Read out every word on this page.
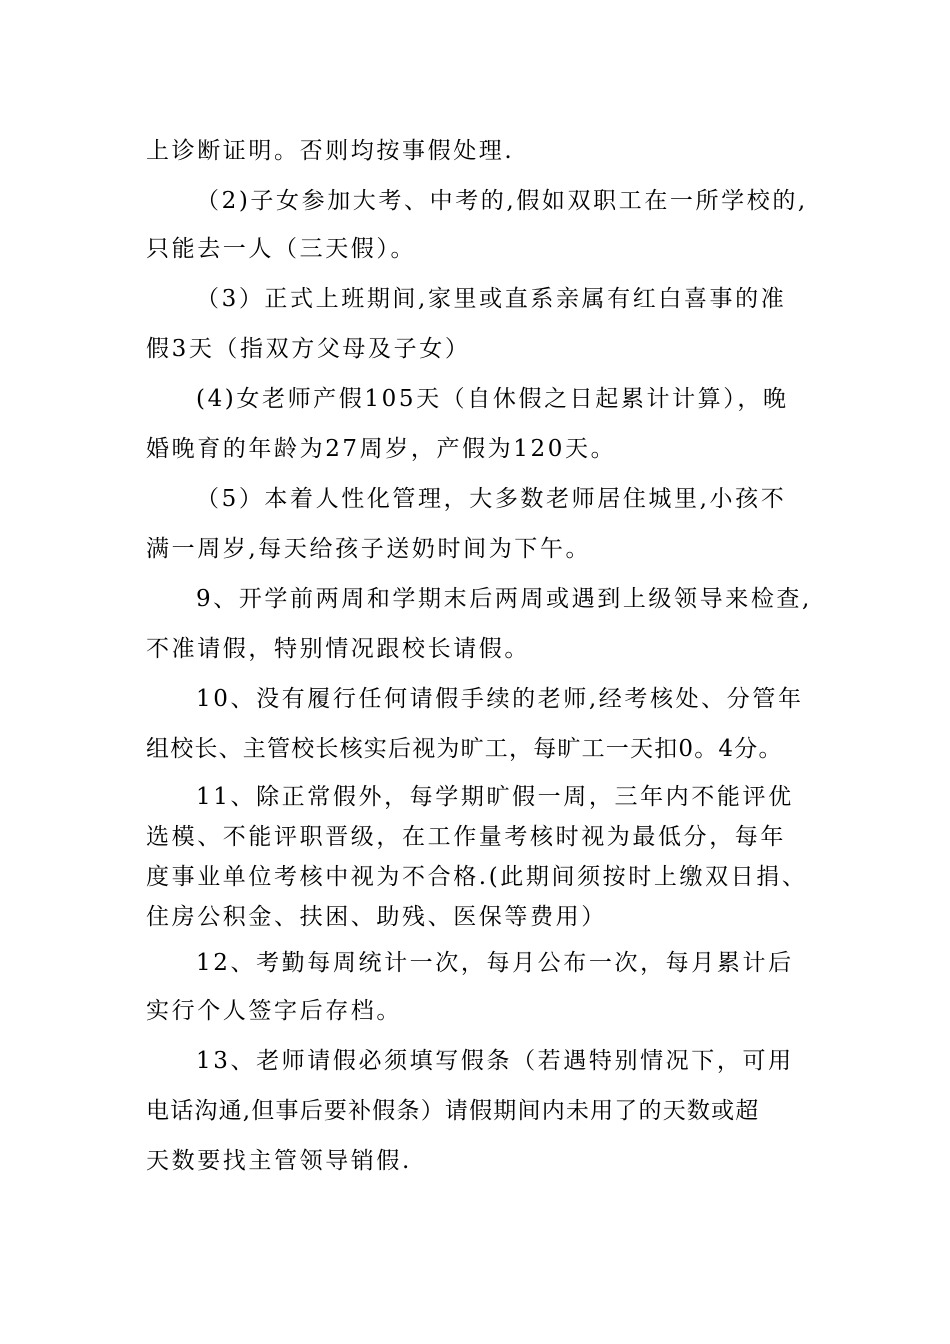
上诊断证明。否则均按事假处理.
（2)子女参加大考、中考的,假如双职工在一所学校的,
只能去一人（三天假）。
（3）正式上班期间,家里或直系亲属有红白喜事的准
假3天（指双方父母及子女）
(4)女老师产假105天（自休假之日起累计计算），晚
婚晚育的年龄为27周岁，产假为120天。
（5）本着人性化管理，大多数老师居住城里,小孩不
满一周岁,每天给孩子送奶时间为下午。
9、开学前两周和学期末后两周或遇到上级领导来检查,
不准请假，特别情况跟校长请假。
10、没有履行任何请假手续的老师,经考核处、分管年
组校长、主管校长核实后视为旷工，每旷工一天扣0。4分。
11、除正常假外，每学期旷假一周，三年内不能评优
选模、不能评职晋级，在工作量考核时视为最低分，每年
度事业单位考核中视为不合格.(此期间须按时上缴双日捐、
住房公积金、扶困、助残、医保等费用）
12、考勤每周统计一次，每月公布一次，每月累计后
实行个人签字后存档。
13、老师请假必须填写假条（若遇特别情况下，可用
电话沟通,但事后要补假条）请假期间内未用了的天数或超
天数要找主管领导销假.
